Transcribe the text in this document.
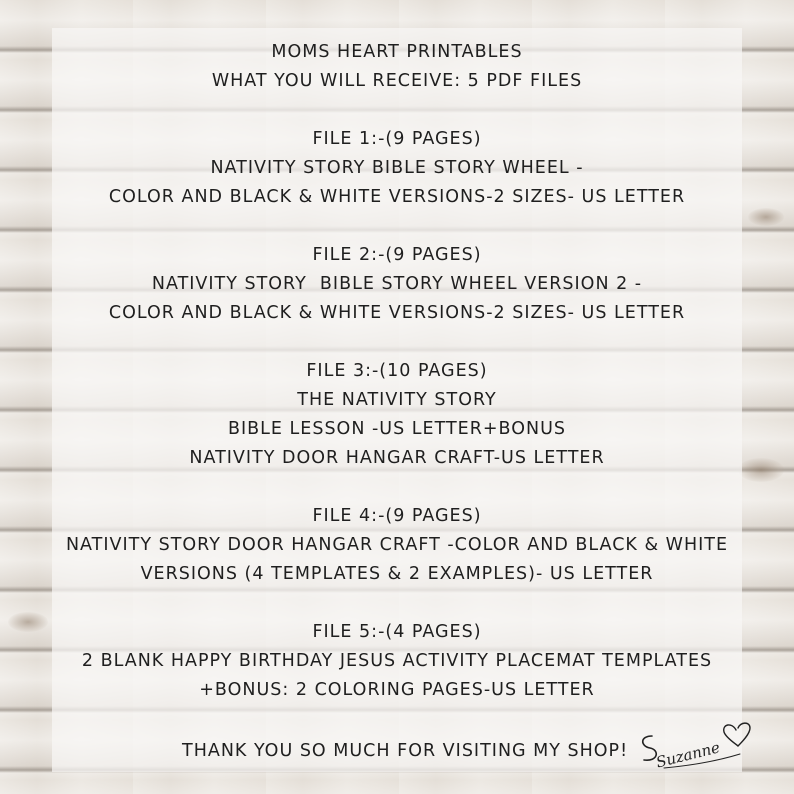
MOMS HEART PRINTABLES
WHAT YOU WILL RECEIVE: 5 PDF FILES
FILE 1:-(9 PAGES)
NATIVITY STORY BIBLE STORY WHEEL -
COLOR AND BLACK & WHITE VERSIONS-2 SIZES- US LETTER
FILE 2:-(9 PAGES)
NATIVITY STORY  BIBLE STORY WHEEL VERSION 2 -
COLOR AND BLACK & WHITE VERSIONS-2 SIZES- US LETTER
FILE 3:-(10 PAGES)
THE NATIVITY STORY
BIBLE LESSON -US LETTER+BONUS
NATIVITY DOOR HANGAR CRAFT-US LETTER
FILE 4:-(9 PAGES)
NATIVITY STORY DOOR HANGAR CRAFT -COLOR AND BLACK & WHITE
VERSIONS (4 TEMPLATES & 2 EXAMPLES)- US LETTER
FILE 5:-(4 PAGES)
2 BLANK HAPPY BIRTHDAY JESUS ACTIVITY PLACEMAT TEMPLATES
+BONUS: 2 COLORING PAGES-US LETTER
THANK YOU SO MUCH FOR VISITING MY SHOP! Suzanne
